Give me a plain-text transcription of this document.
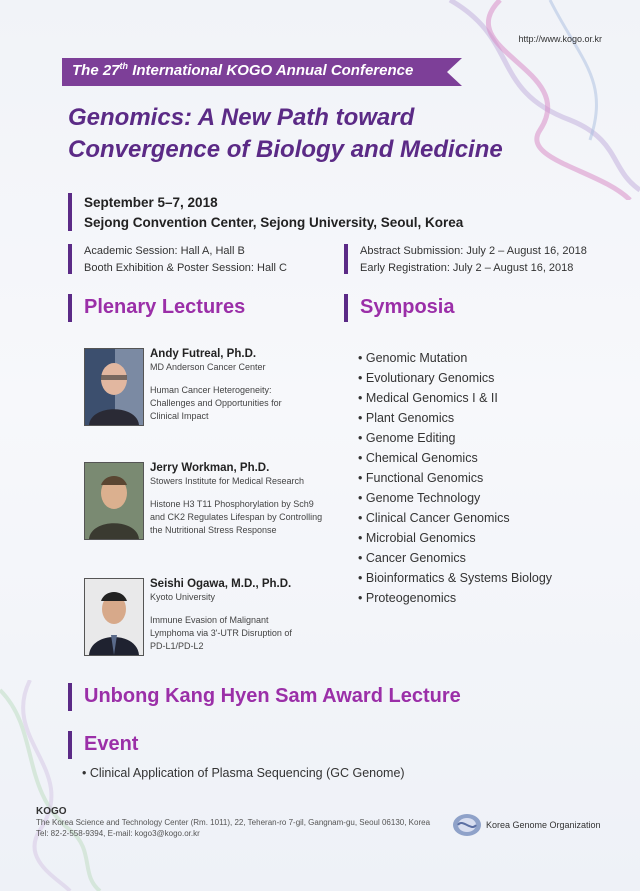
http://www.kogo.or.kr
The 27th International KOGO Annual Conference
Genomics: A New Path toward
Convergence of Biology and Medicine
September 5–7, 2018
Sejong Convention Center, Sejong University, Seoul, Korea
Academic Session: Hall A, Hall B
Booth Exhibition & Poster Session: Hall C
Abstract Submission: July 2 – August 16, 2018
Early Registration: July 2 – August 16, 2018
Plenary Lectures	Symposia
Andy Futreal, Ph.D.
MD Anderson Cancer Center
Human Cancer Heterogeneity:
Challenges and Opportunities for
Clinical Impact
Jerry Workman, Ph.D.
Stowers Institute for Medical Research
Histone H3 T11 Phosphorylation by Sch9
and CK2 Regulates Lifespan by Controlling
the Nutritional Stress Response
Seishi Ogawa, M.D., Ph.D.
Kyoto University
Immune Evasion of Malignant
Lymphoma via 3'-UTR Disruption of
PD-L1/PD-L2
• Genomic Mutation
• Evolutionary Genomics
• Medical Genomics I & II
• Plant Genomics
• Genome Editing
• Chemical Genomics
• Functional Genomics
• Genome Technology
• Clinical Cancer Genomics
• Microbial Genomics
• Cancer Genomics
• Bioinformatics & Systems Biology
• Proteogenomics
Unbong Kang Hyen Sam Award Lecture
Event
• Clinical Application of Plasma Sequencing (GC Genome)
KOGO
The Korea Science and Technology Center (Rm. 1011), 22, Teheran-ro 7-gil, Gangnam-gu, Seoul 06130, Korea
Tel: 82-2-558-9394, E-mail: kogo3@kogo.or.kr
Korea Genome Organization
